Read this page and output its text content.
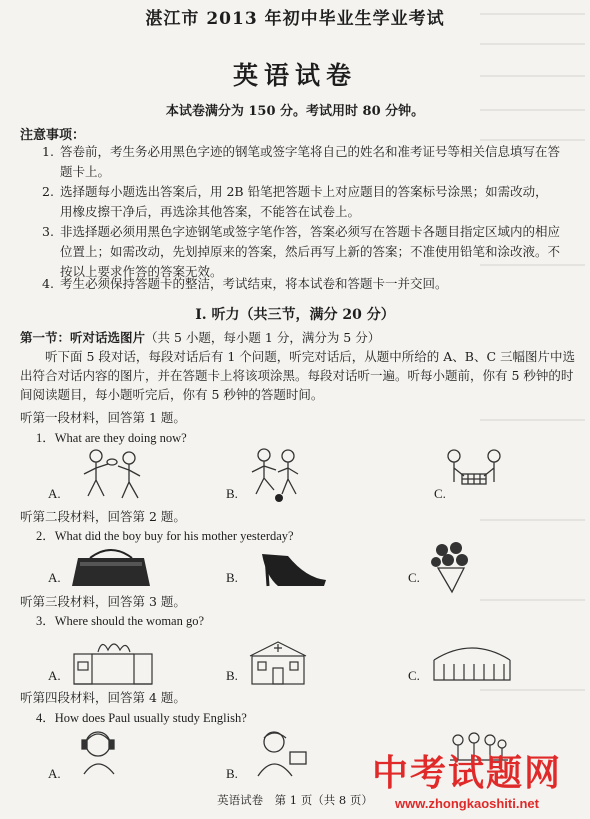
湛江市 2013 年初中毕业生学业考试
英语试卷
本试卷满分为 150 分。考试用时 80 分钟。
注意事项：
1. 答卷前，考生务必用黑色字迹的钢笔或签字笔将自己的姓名和准考证号等相关信息填写在答题卡上。
2. 选择题每小题选出答案后，用 2B 铅笔把答题卡上对应题目的答案标号涂黑；如需改动，用橡皮擦干净后，再选涂其他答案，不能答在试卷上。
3. 非选择题必须用黑色字迹钢笔或签字笔作答，答案必须写在答题卡各题目指定区域内的相应位置上；如需改动，先划掉原来的答案，然后再写上新的答案；不准使用铅笔和涂改液。不按以上要求作答的答案无效。
4. 考生必须保持答题卡的整洁，考试结束，将本试卷和答题卡一并交回。
I. 听力（共三节，满分 20 分）
第一节：听对话选图片（共 5 小题，每小题 1 分，满分为 5 分）
听下面 5 段对话，每段对话后有 1 个问题，听完对话后，从题中所给的 A、B、C 三幅图片中选出符合对话内容的图片，并在答题卡上将该项涂黑。每段对话听一遍。听每小题前，你有 5 秒钟的时间阅读题目，每小题听完后，你有 5 秒钟的答题时间。
听第一段材料，回答第 1 题。
1．What are they doing now?
A.	B.	C.
听第二段材料，回答第 2 题。
2．What did the boy buy for his mother yesterday?
A.	B.	C.
听第三段材料，回答第 3 题。
3．Where should the woman go?
A.	B.	C.
听第四段材料，回答第 4 题。
4．How does Paul usually study English?
A.	B.
英语试卷　第 1 页（共 8 页）
中考试题网
www.zhongkaoshiti.net
